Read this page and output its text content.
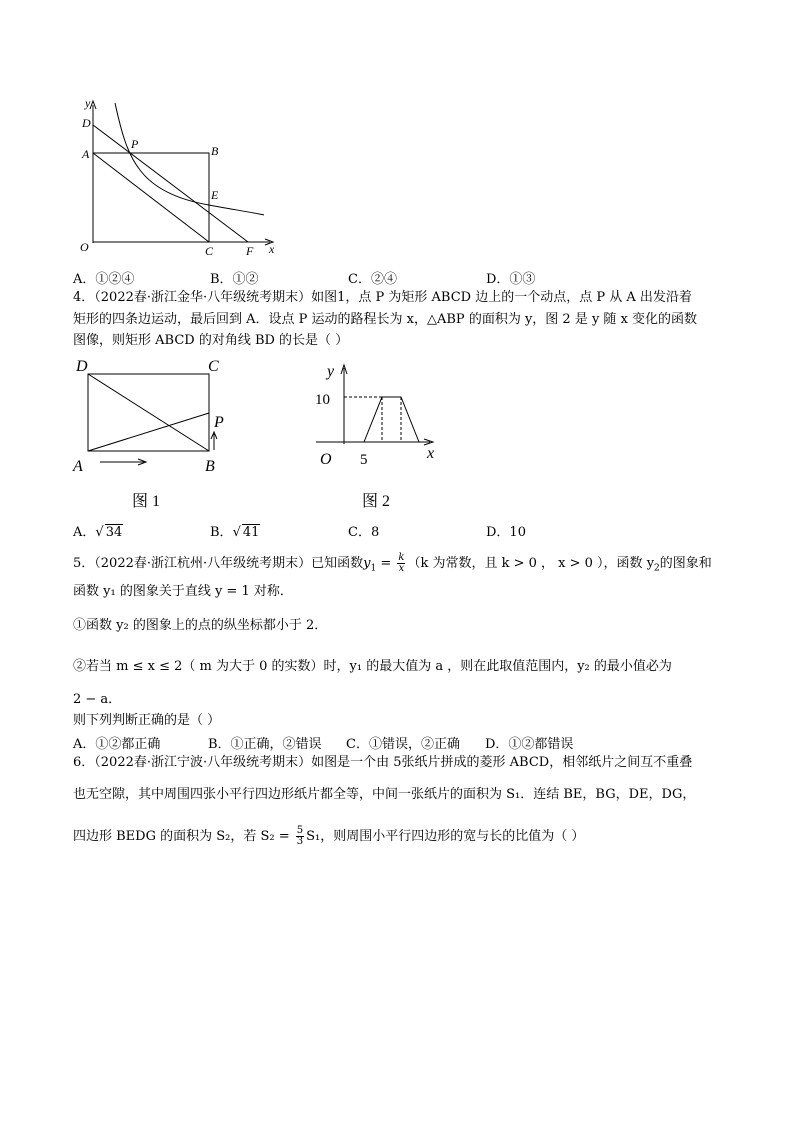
y
D
A
P	B
E
O	C	F x
A．①②④	B．①②	C．②④	D．①③
4．（2022春·浙江金华·八年级统考期末）如图1，点 P 为矩形 ABCD 边上的一个动点，点 P 从 A 出发沿着
矩形的四条边运动，最后回到 A．设点 P 运动的路程长为 x，△ABP 的面积为 y，图 2 是 y 随 x 变化的函数
图像，则矩形 ABCD 的对角线 BD 的长是（ ）
D	C
P
A	B
图 1
y
10
O 5	x
图 2
A．√ 34	B．√ 41	C．8	D．10
5．（2022春·浙江杭州·八年级统考期末）已知函数$y_1 = \frac{k}{x} (k$ 为常数，且 k > 0 ， x > 0 ），函数 $y_2$的图象和
函数 y₁ 的图象关于直线 y = 1 对称．
①函数 y₂ 的图象上的点的纵坐标都小于 2．
②若当 m ≤ x ≤ 2（ m 为大于 0 的实数）时，y₁ 的最大值为 a ，则在此取值范围内，y₂ 的最小值必为
2 − a．
则下列判断正确的是（ ）
A．①②都正确	B．①正确，②错误 C．①错误，②正确 D．①②都错误
6．（2022春·浙江宁波·八年级统考期末）如图是一个由 5张纸片拼成的菱形 ABCD，相邻纸片之间互不重叠
也无空隙，其中周围四张小平行四边形纸片都全等，中间一张纸片的面积为 S₁．连结 BE，BG，DE，DG，
四边形 BEDG 的面积为 S₂，若 $S_2 = \frac{5}{3} S_1$，则周围小平行四边形的宽与长的比值为（ ）
